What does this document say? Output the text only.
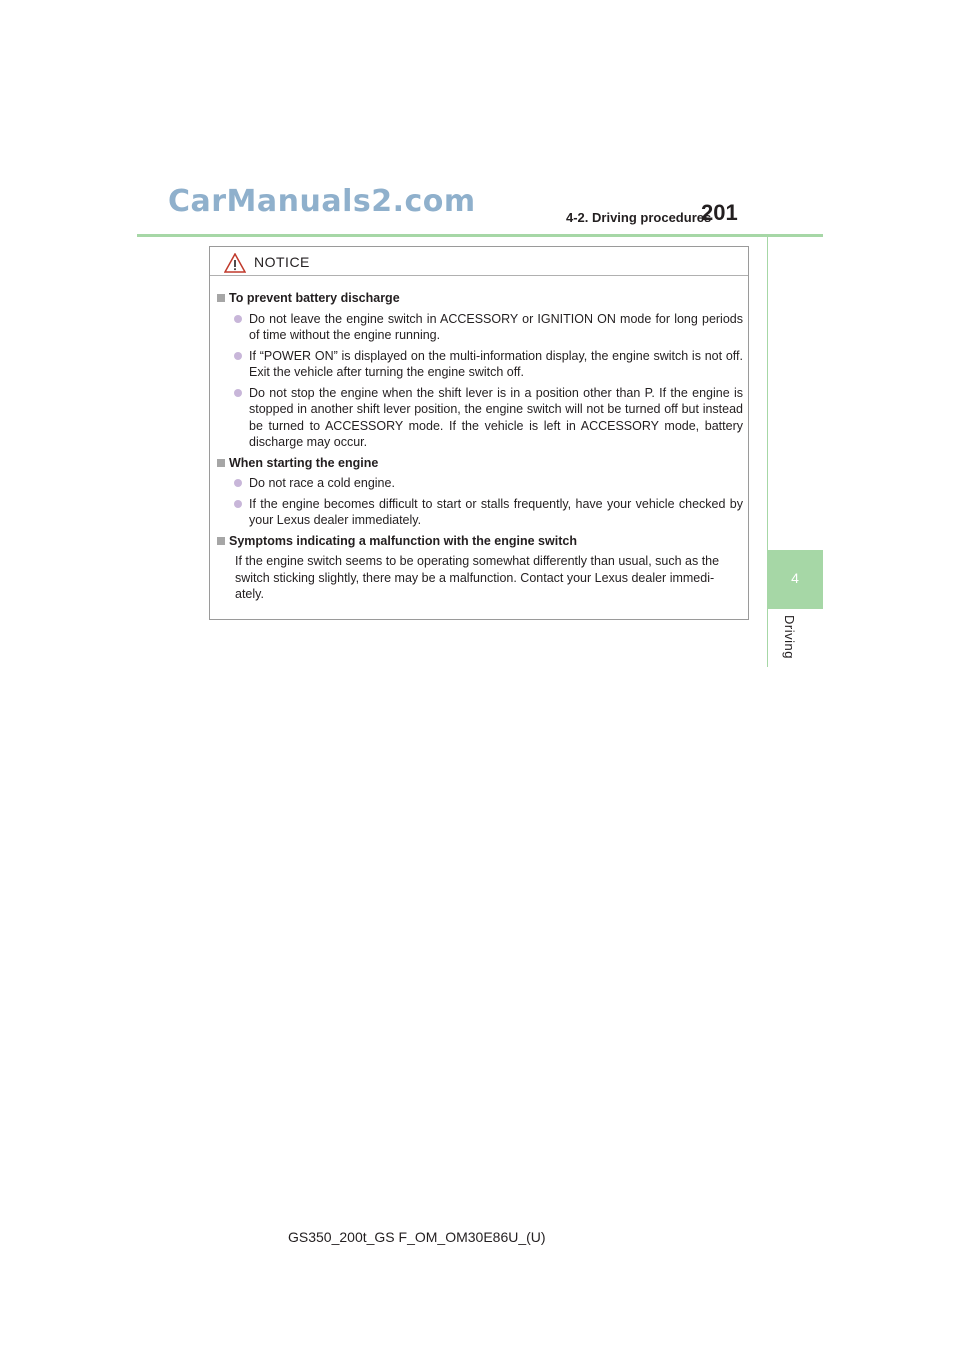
CarManuals2.com	4-2. Driving procedures
201
4
Driving
NOTICE
To prevent battery discharge

Do not leave the engine switch in ACCESSORY or IGNITION ON mode for long periods of time without the engine running.

If “POWER ON” is displayed on the multi-information display, the engine switch is not off. Exit the vehicle after turning the engine switch off.

Do not stop the engine when the shift lever is in a position other than P. If the engine is stopped in another shift lever position, the engine switch will not be turned off but instead be turned to ACCESSORY mode. If the vehicle is left in ACCESSORY mode, battery discharge may occur.

When starting the engine

Do not race a cold engine.

If the engine becomes difficult to start or stalls frequently, have your vehicle checked by your Lexus dealer immediately.

Symptoms indicating a malfunction with the engine switch

If the engine switch seems to be operating somewhat differently than usual, such as the switch sticking slightly, there may be a malfunction. Contact your Lexus dealer immedi-ately.

GS350_200t_GS F_OM_OM30E86U_(U)
